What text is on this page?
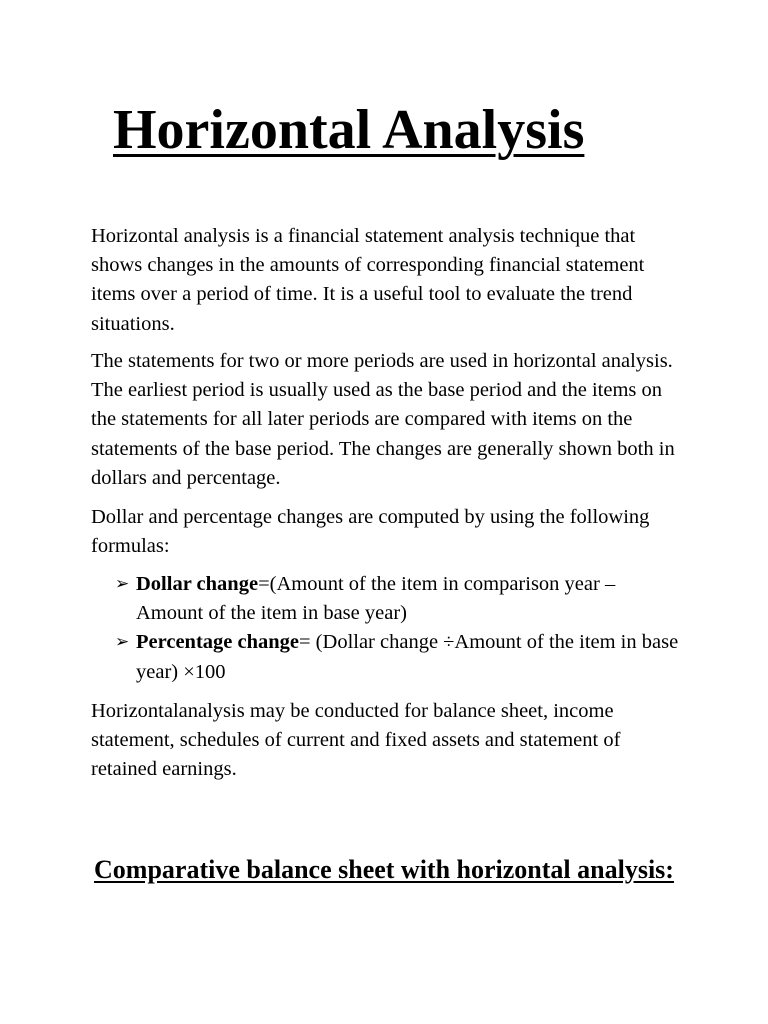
Horizontal Analysis

Horizontal analysis is a financial statement analysis technique that shows changes in the amounts of corresponding financial statement items over a period of time. It is a useful tool to evaluate the trend situations.

The statements for two or more periods are used in horizontal analysis. The earliest period is usually used as the base period and the items on the statements for all later periods are compared with items on the statements of the base period. The changes are generally shown both in dollars and percentage.

Dollar and percentage changes are computed by using the following formulas:

➢ Dollar change=(Amount of the item in comparison year – Amount of the item in base year)
➢ Percentage change= (Dollar change ÷Amount of the item in base year) ×100

Horizontalanalysis may be conducted for balance sheet, income statement, schedules of current and fixed assets and statement of retained earnings.

Comparative balance sheet with horizontal analysis:
